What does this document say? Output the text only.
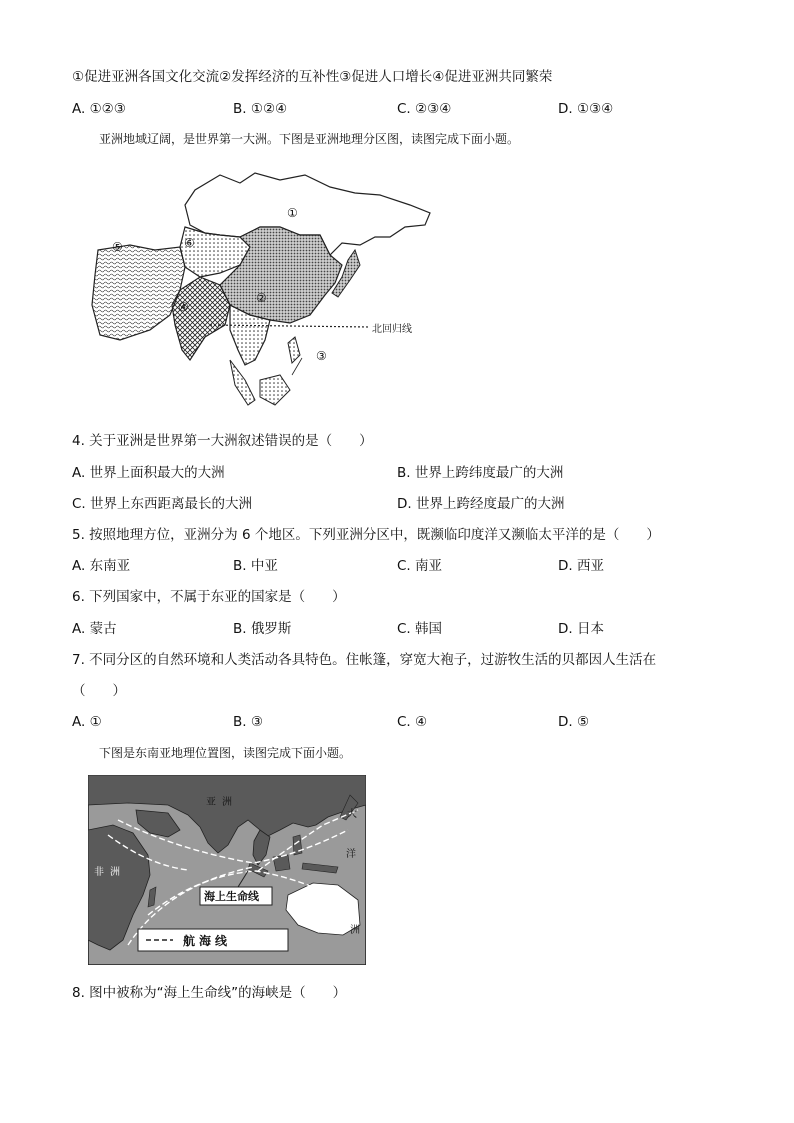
①促进亚洲各国文化交流②发挥经济的互补性③促进人口增长④促进亚洲共同繁荣
A. ①②③	B. ①②④	C. ②③④	D. ①③④
亚洲地域辽阔，是世界第一大洲。下图是亚洲地理分区图，读图完成下面小题。
①
②
③
④
⑤	⑥
北回归线
4. 关于亚洲是世界第一大洲叙述错误的是（　　）
A. 世界上面积最大的大洲	B. 世界上跨纬度最广的大洲
C. 世界上东西距离最长的大洲	D. 世界上跨经度最广的大洲
5. 按照地理方位，亚洲分为 6 个地区。下列亚洲分区中，既濒临印度洋又濒临太平洋的是（　　）
A. 东南亚	B. 中亚	C. 南亚	D. 西亚
6. 下列国家中，不属于东亚的国家是（　　）
A. 蒙古	B. 俄罗斯	C. 韩国	D. 日本
7. 不同分区的自然环境和人类活动各具特色。住帐篷，穿宽大袍子，过游牧生活的贝都因人生活在
（　　）
A. ①	B. ③	C. ④	D. ⑤
下图是东南亚地理位置图，读图完成下面小题。
亚洲
非洲
大
洋
洲
海上生命线
航海线
8. 图中被称为“海上生命线”的海峡是（　　）
